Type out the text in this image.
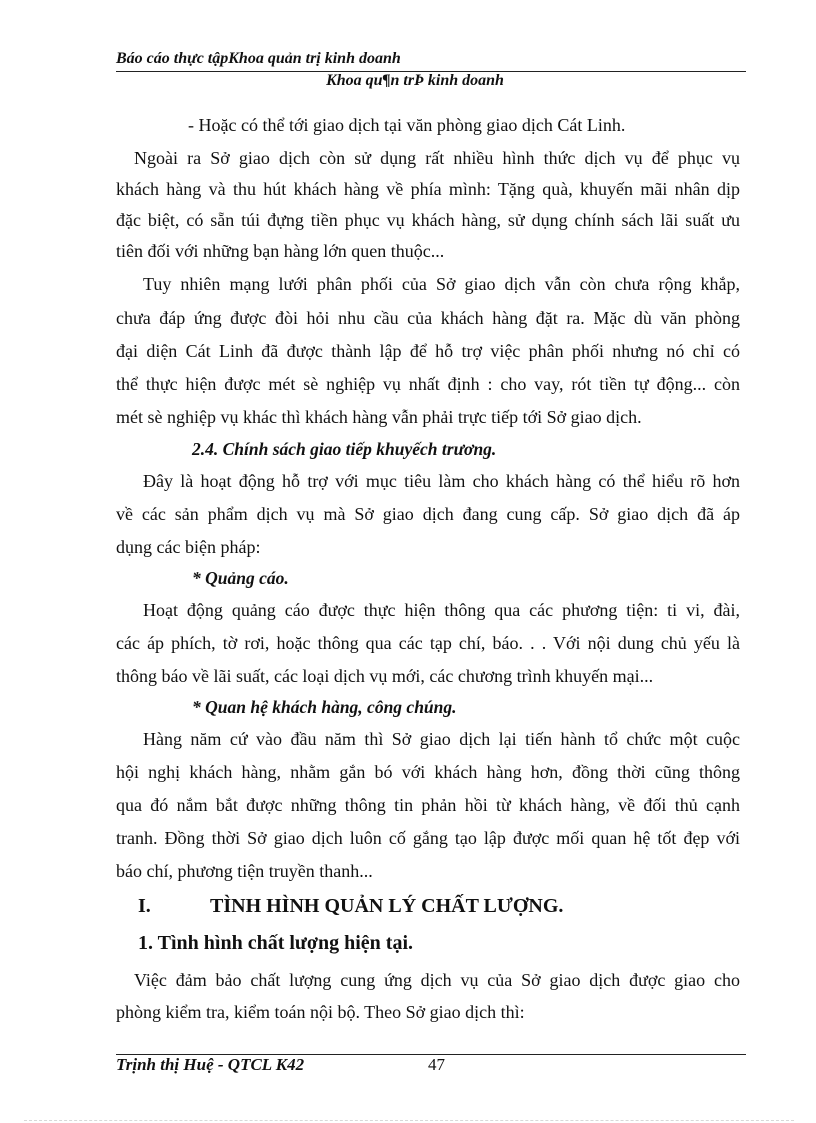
Báo cáo thực tậpKhoa quản trị kinh doanh
Khoa qu¶n trÞ kinh doanh
- Hoặc có thể tới giao dịch tại văn phòng giao dịch Cát Linh.
Ngoài ra Sở giao dịch còn sử dụng rất nhiều hình thức dịch vụ để phục vụ
khách hàng và thu hút khách hàng về phía mình: Tặng quà, khuyến mãi nhân dịp
đặc biệt, có sẵn túi đựng tiền phục vụ khách hàng, sử dụng chính sách lãi suất ưu
tiên đối với những bạn hàng lớn quen thuộc...
Tuy nhiên mạng lưới phân phối của Sở giao dịch vẫn còn chưa rộng khắp,
chưa đáp ứng được đòi hỏi nhu cầu của khách hàng đặt ra. Mặc dù văn phòng
đại diện Cát Linh đã được thành lập để hỗ trợ việc phân phối nhưng nó chỉ có
thể thực hiện được mét sè nghiệp vụ nhất định : cho vay, rót tiền tự động... còn
mét sè nghiệp vụ khác thì khách hàng vẫn phải trực tiếp tới Sở giao dịch.
2.4. Chính sách giao tiếp khuyếch trương.
Đây là hoạt động hỗ trợ với mục tiêu làm cho khách hàng có thể hiểu rõ hơn
về các sản phẩm dịch vụ mà Sở giao dịch đang cung cấp. Sở giao dịch đã áp
dụng các biện pháp:
* Quảng cáo.
Hoạt động quảng cáo được thực hiện thông qua các phương tiện: ti vi, đài,
các áp phích, tờ rơi, hoặc thông qua các tạp chí, báo. . . Với nội dung chủ yếu là
thông báo về lãi suất, các loại dịch vụ mới, các chương trình khuyến mại...
* Quan hệ khách hàng, công chúng.
Hàng năm cứ vào đầu năm thì Sở giao dịch lại tiến hành tổ chức một cuộc
hội nghị khách hàng, nhằm gắn bó với khách hàng hơn, đồng thời cũng thông
qua đó nắm bắt được những thông tin phản hồi từ khách hàng, về đối thủ cạnh
tranh. Đồng thời Sở giao dịch luôn cố gắng tạo lập được mối quan hệ tốt đẹp với
báo chí, phương tiện truyền thanh...
I.	TÌNH HÌNH QUẢN LÝ CHẤT LƯỢNG.
1. Tình hình chất lượng hiện tại.
Việc đảm bảo chất lượng cung ứng dịch vụ của Sở giao dịch được giao cho
phòng kiểm tra, kiểm toán nội bộ. Theo Sở giao dịch thì:
Trịnh thị Huệ - QTCL K42	47
